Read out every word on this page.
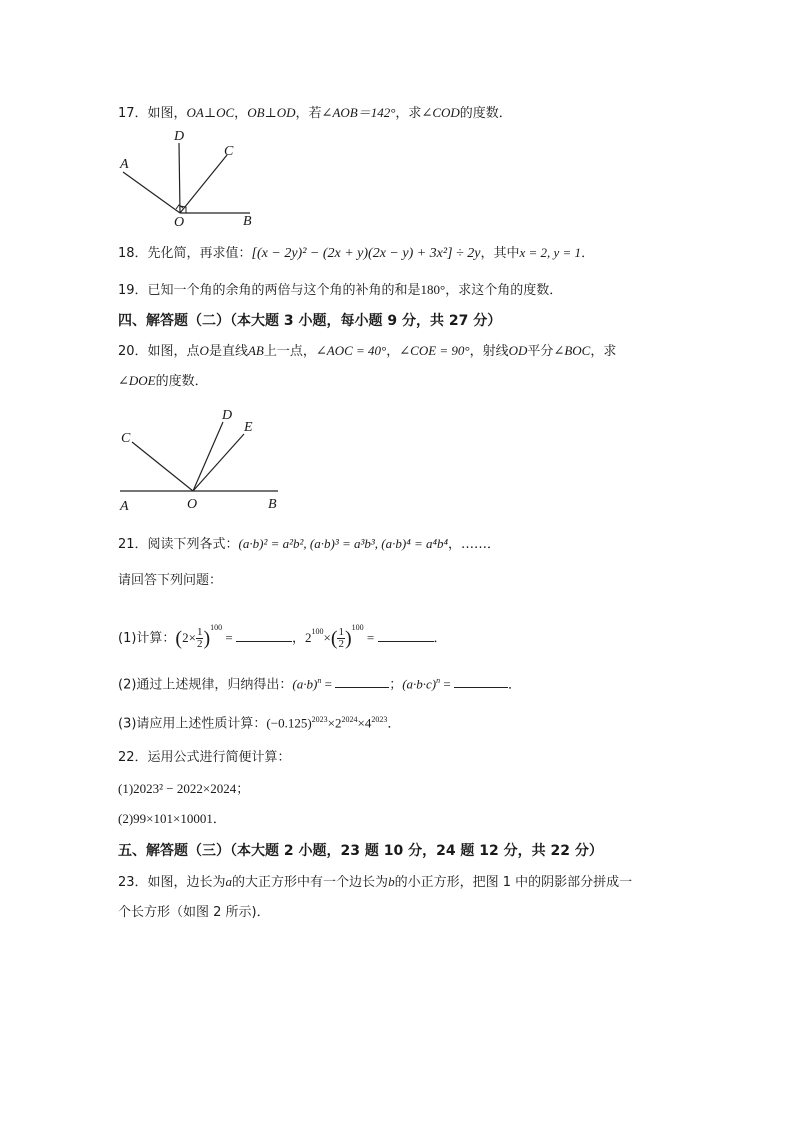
17．如图，OA⊥OC，OB⊥OD，若∠AOB＝142°，求∠COD的度数．
D
C
A
O	B
18．先化简，再求值：[(x − 2y)² − (2x + y)(2x − y) + 3x²] ÷ 2y，其中x = 2, y = 1．
19．已知一个角的余角的两倍与这个角的补角的和是180°，求这个角的度数．
四、解答题（二）（本大题 3 小题，每小题 9 分，共 27 分）
20．如图，点O是直线AB上一点，∠AOC = 40°，∠COE = 90°，射线OD平分∠BOC，求
∠DOE的度数．
D
E
C
A	O	B
21．阅读下列各式：(a·b)² = a²b², (a·b)³ = a³b³, (a·b)⁴ = a⁴b⁴，……．
请回答下列问题：
(1)计算：$(2\times \frac{1}{2} )^{100}$ =	，$2^{100}\times( \frac{1}{2} )^{100}$ =	．
(2)通过上述规律，归纳得出：$(a\cdot b)^n$ =	；$(a\cdot b\cdot c)^n$ =	．
(3)请应用上述性质计算：$(-0.125)^{2023}\times 2^{2024}\times 4^{2023}$．
22．运用公式进行简便计算：
(1)2023² − 2022×2024；
(2)99×101×10001．
五、解答题（三）（本大题 2 小题，23 题 10 分，24 题 12 分，共 22 分）
23．如图，边长为a的大正方形中有一个边长为b的小正方形，把图 1 中的阴影部分拼成一
个长方形（如图 2 所示)．
